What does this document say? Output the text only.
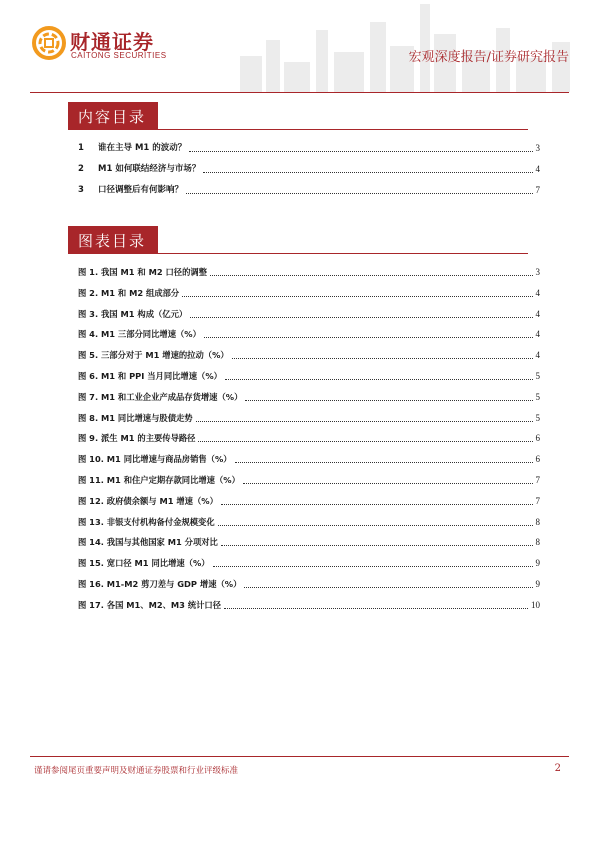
财通证券
CAITONG SECURITIES	宏观深度报告/证券研究报告
内容目录
1	谁在主导 M1 的波动？	3
2	M1 如何联结经济与市场？	4
3	口径调整后有何影响？	7
图表目录
图 1. 我国 M1 和 M2 口径的调整	3
图 2. M1 和 M2 组成部分	4
图 3. 我国 M1 构成（亿元）	4
图 4. M1 三部分同比增速（%）	4
图 5. 三部分对于 M1 增速的拉动（%）	4
图 6. M1 和 PPI 当月同比增速（%）	5
图 7. M1 和工业企业产成品存货增速（%）	5
图 8. M1 同比增速与股债走势	5
图 9. 派生 M1 的主要传导路径	6
图 10. M1 同比增速与商品房销售（%）	6
图 11. M1 和住户定期存款同比增速（%）	7
图 12. 政府债余额与 M1 增速（%）	7
图 13. 非银支付机构备付金规模变化	8
图 14. 我国与其他国家 M1 分项对比	8
图 15. 宽口径 M1 同比增速（%）	9
图 16. M1-M2 剪刀差与 GDP 增速（%）	9
图 17. 各国 M1、M2、M3 统计口径	10
谨请参阅尾页重要声明及财通证券股票和行业评级标准	2
